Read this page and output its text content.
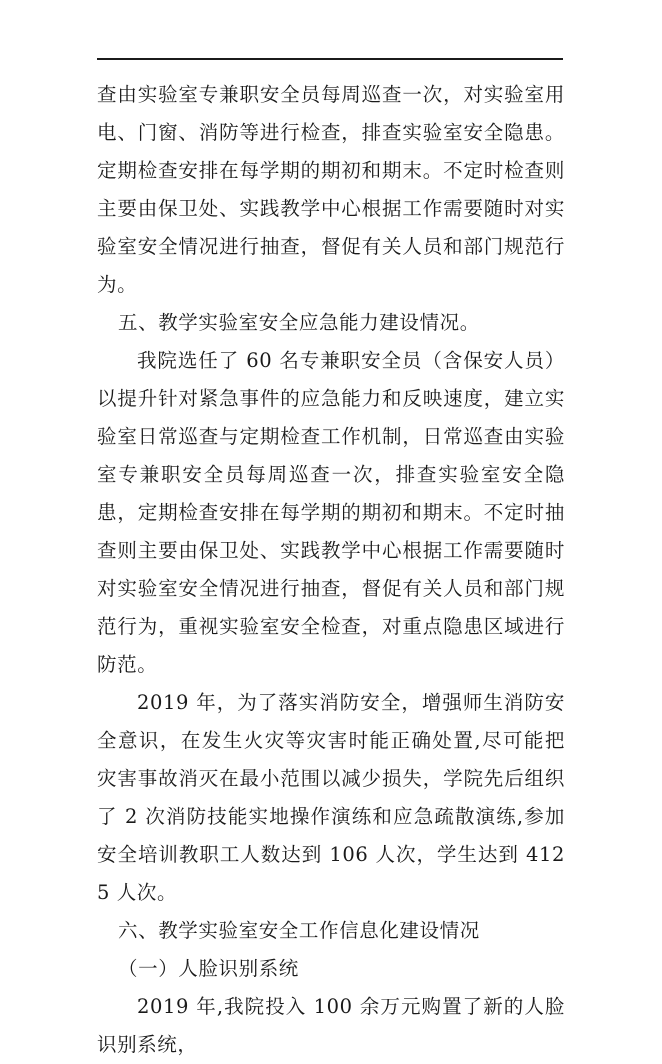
查由实验室专兼职安全员每周巡查一次，对实验室用电、门窗、消防等进行检查，排查实验室安全隐患。定期检查安排在每学期的期初和期末。不定时检查则主要由保卫处、实践教学中心根据工作需要随时对实验室安全情况进行抽查，督促有关人员和部门规范行为。

五、教学实验室安全应急能力建设情况。

我院选任了 60 名专兼职安全员（含保安人员）以提升针对紧急事件的应急能力和反映速度，建立实验室日常巡查与定期检查工作机制，日常巡查由实验室专兼职安全员每周巡查一次，排查实验室安全隐患，定期检查安排在每学期的期初和期末。不定时抽查则主要由保卫处、实践教学中心根据工作需要随时对实验室安全情况进行抽查，督促有关人员和部门规范行为，重视实验室安全检查，对重点隐患区域进行防范。

2019 年，为了落实消防安全，增强师生消防安全意识，在发生火灾等灾害时能正确处置,尽可能把灾害事故消灭在最小范围以减少损失，学院先后组织了 2 次消防技能实地操作演练和应急疏散演练,参加安全培训教职工人数达到 106 人次，学生达到 4125 人次。

六、教学实验室安全工作信息化建设情况

（一）人脸识别系统

2019 年,我院投入 100 余万元购置了新的人脸识别系统，
